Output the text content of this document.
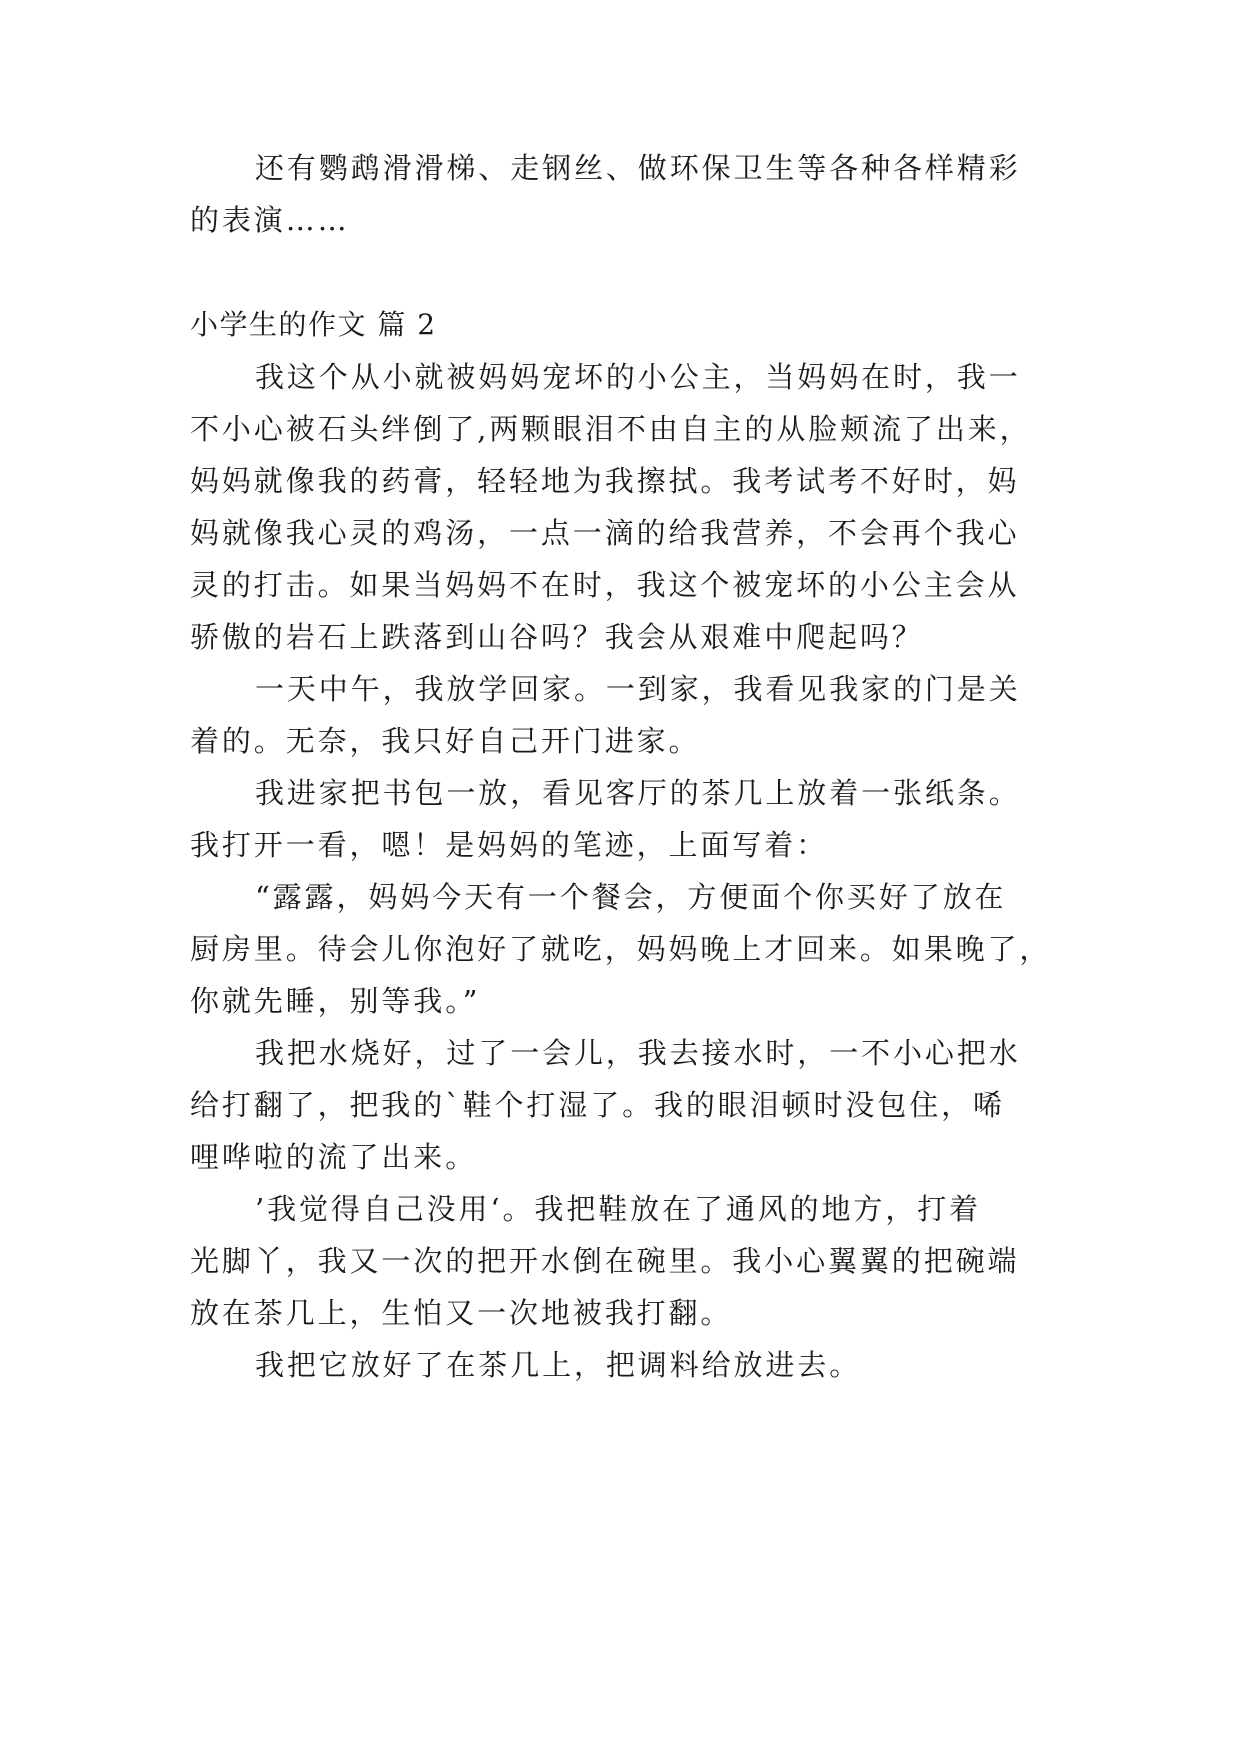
还有鹦鹉滑滑梯、走钢丝、做环保卫生等各种各样精彩
的表演……
小学生的作文 篇 2
我这个从小就被妈妈宠坏的小公主，当妈妈在时，我一
不小心被石头绊倒了,两颗眼泪不由自主的从脸颊流了出来，
妈妈就像我的药膏，轻轻地为我擦拭。我考试考不好时，妈
妈就像我心灵的鸡汤，一点一滴的给我营养，不会再个我心
灵的打击。如果当妈妈不在时，我这个被宠坏的小公主会从
骄傲的岩石上跌落到山谷吗？我会从艰难中爬起吗？
一天中午，我放学回家。一到家，我看见我家的门是关
着的。无奈，我只好自己开门进家。
我进家把书包一放，看见客厅的茶几上放着一张纸条。
我打开一看，嗯！是妈妈的笔迹，上面写着：
“露露，妈妈今天有一个餐会，方便面个你买好了放在
厨房里。待会儿你泡好了就吃，妈妈晚上才回来。如果晚了，
你就先睡，别等我。”
我把水烧好，过了一会儿，我去接水时，一不小心把水
给打翻了，把我的`鞋个打湿了。我的眼泪顿时没包住，唏
哩哗啦的流了出来。
’我觉得自己没用‘。我把鞋放在了通风的地方，打着
光脚丫，我又一次的把开水倒在碗里。我小心翼翼的把碗端
放在茶几上，生怕又一次地被我打翻。
我把它放好了在茶几上，把调料给放进去。
